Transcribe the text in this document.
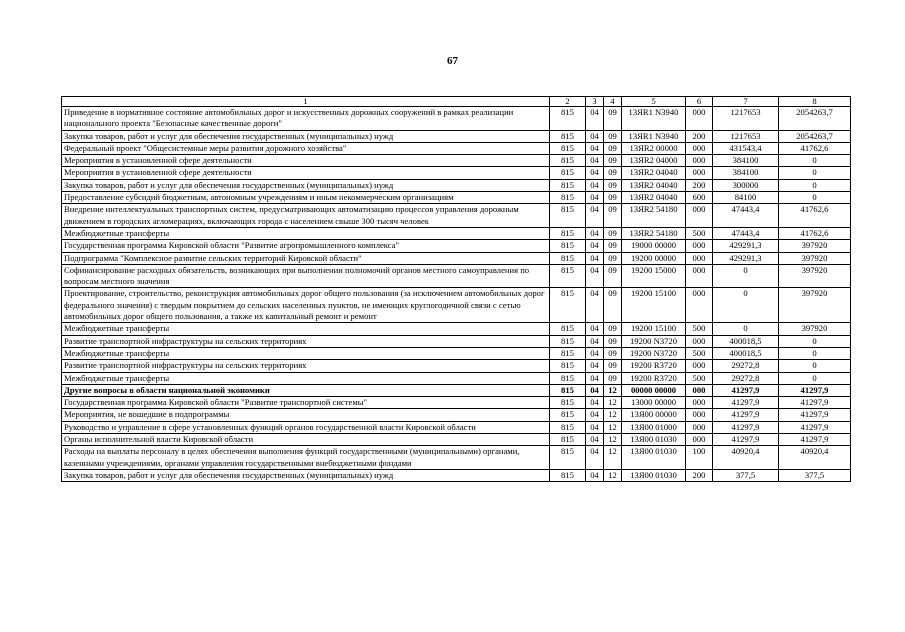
67
1	2	3	4	5	6	7	8
Приведение в нормативное состояние автомобильных дорог и искусственных дорожных сооружений в рамках реализации национального проекта "Безопасные качественные дороги"	815	04	09	13ЯR1 N3940	000	1217653	2054263,7
Закупка товаров, работ и услуг для обеспечения государственных (муниципальных) нужд	815	04	09	13ЯR1 N3940	200	1217653	2054263,7
Федеральный проект "Общесистемные меры развития дорожного хозяйства"	815	04	09	13ЯR2 00000	000	431543,4	41762,6
Мероприятия в установленной сфере деятельности	815	04	09	13ЯR2 04000	000	384100	0
Мероприятия в установленной сфере деятельности	815	04	09	13ЯR2 04040	000	384100	0
Закупка товаров, работ и услуг для обеспечения государственных (муниципальных) нужд	815	04	09	13ЯR2 04040	200	300000	0
Предоставление субсидий бюджетным, автономным учреждениям и иным некоммерческим организациям	815	04	09	13ЯR2 04040	600	84100	0
Внедрение интеллектуальных транспортных систем, предусматривающих автоматизацию процессов управления дорожным движением в городских агломерациях, включающих города с населением свыше 300 тысяч человек	815	04	09	13ЯR2 54180	000	47443,4	41762,6
Межбюджетные трансферты	815	04	09	13ЯR2 54180	500	47443,4	41762,6
Государственная программа Кировской области "Развитие агропромышленного комплекса"	815	04	09	19000 00000	000	429291,3	397920
Подпрограмма "Комплексное развитие сельских территорий Кировской области"	815	04	09	19200 00000	000	429291,3	397920
Софинансирование расходных обязательств, возникающих при выполнении полномочий органов местного самоуправления по вопросам местного значения	815	04	09	19200 15000	000	0	397920
Проектирование, строительство, реконструкция автомобильных дорог общего пользования (за исключением автомобильных дорог федерального значения) с твердым покрытием до сельских населенных пунктов, не имеющих круглогодичной связи с сетью автомобильных дорог общего пользования, а также их капитальный ремонт и ремонт	815	04	09	19200 15100	000	0	397920
Межбюджетные трансферты	815	04	09	19200 15100	500	0	397920
Развитие транспортной инфраструктуры на сельских территориях	815	04	09	19200 N3720	000	400018,5	0
Межбюджетные трансферты	815	04	09	19200 N3720	500	400018,5	0
Развитие транспортной инфраструктуры на сельских территориях	815	04	09	19200 R3720	000	29272,8	0
Межбюджетные трансферты	815	04	09	19200 R3720	500	29272,8	0
Другие вопросы в области национальной экономики	815	04	12	00000 00000	000	41297,9	41297,9
Государственная программа Кировской области "Развитие транспортной системы"	815	04	12	13000 00000	000	41297,9	41297,9
Мероприятия, не вошедшие в подпрограммы	815	04	12	13Я00 00000	000	41297,9	41297,9
Руководство и управление в сфере установленных функций органов государственной власти Кировской области	815	04	12	13Я00 01000	000	41297,9	41297,9
Органы исполнительной власти Кировской области	815	04	12	13Я00 01030	000	41297,9	41297,9
Расходы на выплаты персоналу в целях обеспечения выполнения функций государственными (муниципальными) органами, казенными учреждениями, органами управления государственными внебюджетными фондами	815	04	12	13Я00 01030	100	40920,4	40920,4
Закупка товаров, работ и услуг для обеспечения государственных (муниципальных) нужд	815	04	12	13Я00 01030	200	377,5	377,5
